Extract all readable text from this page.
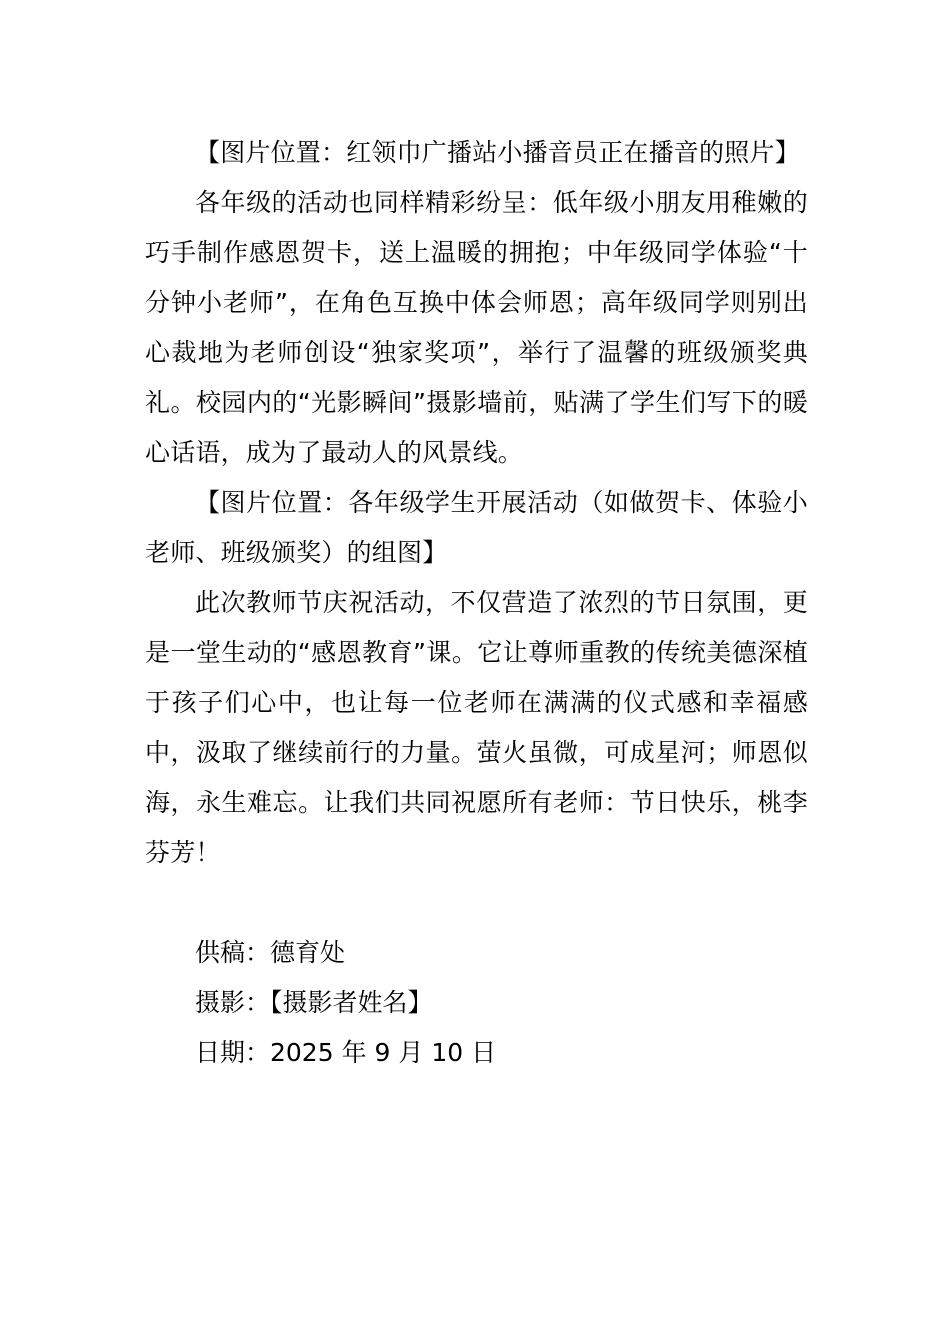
【图片位置：红领巾广播站小播音员正在播音的照片】

各年级的活动也同样精彩纷呈：低年级小朋友用稚嫩的巧手制作感恩贺卡，送上温暖的拥抱；中年级同学体验“十分钟小老师”，在角色互换中体会师恩；高年级同学则别出心裁地为老师创设“独家奖项”，举行了温馨的班级颁奖典礼。校园内的“光影瞬间”摄影墙前，贴满了学生们写下的暖心话语，成为了最动人的风景线。

【图片位置：各年级学生开展活动（如做贺卡、体验小老师、班级颁奖）的组图】

此次教师节庆祝活动，不仅营造了浓烈的节日氛围，更是一堂生动的“感恩教育”课。它让尊师重教的传统美德深植于孩子们心中，也让每一位老师在满满的仪式感和幸福感中，汲取了继续前行的力量。萤火虽微，可成星河；师恩似海，永生难忘。让我们共同祝愿所有老师：节日快乐，桃李芬芳！

供稿：德育处

摄影：【摄影者姓名】

日期：2025 年 9 月 10 日
